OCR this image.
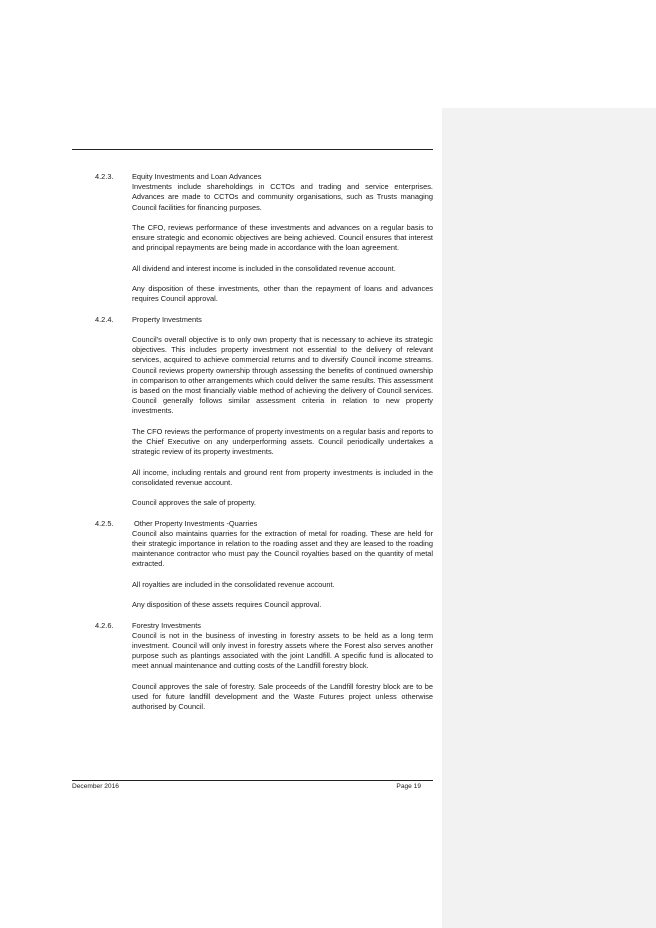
4.2.3.	Equity Investments and Loan Advances

Investments include shareholdings in CCTOs and trading and service enterprises. Advances are made to CCTOs and community organisations, such as Trusts managing Council facilities for financing purposes.

The CFO, reviews performance of these investments and advances on a regular basis to ensure strategic and economic objectives are being achieved. Council ensures that interest and principal repayments are being made in accordance with the loan agreement.

All dividend and interest income is included in the consolidated revenue account.

Any disposition of these investments, other than the repayment of loans and advances requires Council approval.

4.2.4.	Property Investments

Council’s overall objective is to only own property that is necessary to achieve its strategic objectives. This includes property investment not essential to the delivery of relevant services, acquired to achieve commercial returns and to diversify Council income streams. Council reviews property ownership through assessing the benefits of continued ownership in comparison to other arrangements which could deliver the same results. This assessment is based on the most financially viable method of achieving the delivery of Council services. Council generally follows similar assessment criteria in relation to new property investments.

The CFO reviews the performance of property investments on a regular basis and reports to the Chief Executive on any underperforming assets. Council periodically undertakes a strategic review of its property investments.

All income, including rentals and ground rent from property investments is included in the consolidated revenue account.

Council approves the sale of property.

4.2.5.	Other Property Investments -Quarries

Council also maintains quarries for the extraction of metal for roading. These are held for their strategic importance in relation to the roading asset and they are leased to the roading maintenance contractor who must pay the Council royalties based on the quantity of metal extracted.

All royalties are included in the consolidated revenue account.

Any disposition of these assets requires Council approval.

4.2.6.	Forestry Investments

Council is not in the business of investing in forestry assets to be held as a long term investment. Council will only invest in forestry assets where the Forest also serves another purpose such as plantings associated with the joint Landfill. A specific fund is allocated to meet annual maintenance and cutting costs of the Landfill forestry block.

Council approves the sale of forestry. Sale proceeds of the Landfill forestry block are to be used for future landfill development and the Waste Futures project unless otherwise authorised by Council.

December 2016	Page 19
